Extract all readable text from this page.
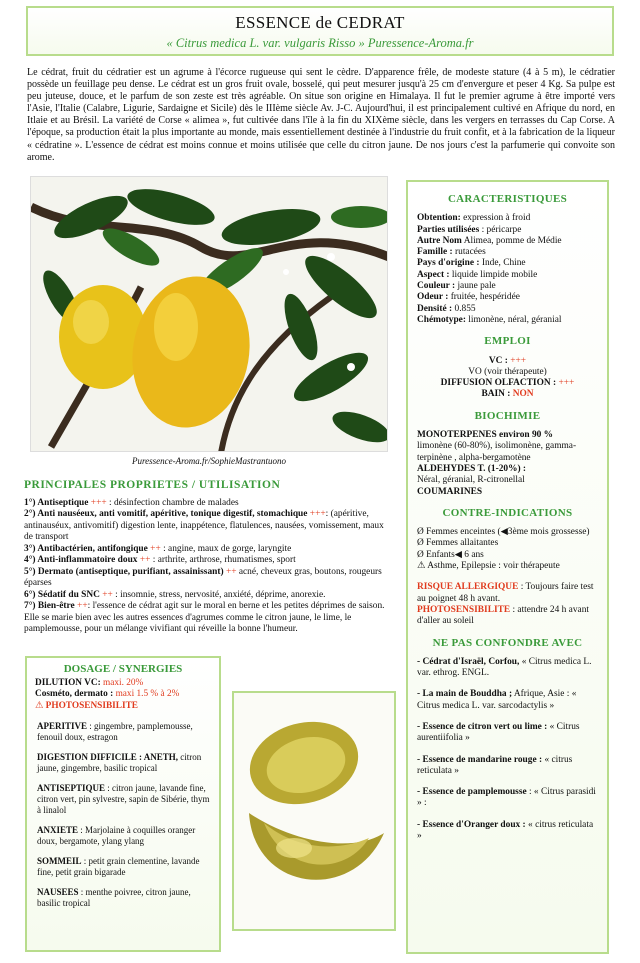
ESSENCE de CEDRAT
« Citrus medica L. var. vulgaris Risso » Puressence-Aroma.fr

Le cédrat, fruit du cédratier est un agrume à l'écorce rugueuse qui sent le cèdre. D'apparence frêle, de modeste stature (4 à 5 m), le cédratier possède un feuillage peu dense. Le cédrat est un gros fruit ovale, bosselé, qui peut mesurer jusqu'à 25 cm d'envergure et peser 4 Kg. Sa pulpe est peu juteuse, douce, et le parfum de son zeste est très agréable. On situe son origine en Himalaya. Il fut le premier agrume à être importé vers l'Asie, l'Italie (Calabre, Ligurie, Sardaigne et Sicile) dès le IIIème siècle Av. J-C. Aujourd'hui, il est principalement cultivé en Afrique du nord, en Itlaie et au Brésil. La variété de Corse « alimea », fut cultivée dans l'île à la fin du XIXème siècle, dans les vergers en terrasses du Cap Corse. A l'époque, sa production était la plus importante au monde, mais essentiellement destinée à l'industrie du fruit confit, et à la fabrication de la liqueur « cédratine ». L'essence de cédrat est moins connue et moins utilisée que celle du citron jaune. De nos jours c'est la parfumerie qui convoite son arome.

Puressence-Aroma.fr/SophieMastrantuono
PRINCIPALES PROPRIETES / UTILISATION
1°) Antiseptique +++ : désinfection chambre de malades
2°) Anti nauséeux, anti vomitif, apéritive, tonique digestif, stomachique +++: (apéritive, antinauséux, antivomitif) digestion lente, inappétence, flatulences, nausées, vomissement, maux de transport
3°) Antibactérien, antifongique ++ : angine, maux de gorge, laryngite
4°) Anti-inflammatoire doux ++ : arthrite, arthrose, rhumatismes, sport
5°) Dermato (antiseptique, purifiant, assainissant) ++ acné, cheveux gras, boutons, rougeurs éparses
6°) Sédatif du SNC ++ : insomnie, stress, nervosité, anxiété, déprime, anorexie.
7°) Bien-être ++: l'essence de cédrat agit sur le moral en berne et les petites déprimes de saison. Elle se marie bien avec les autres essences d'agrumes comme le citron jaune, le lime, le pamplemousse, pour un mélange vivifiant qui réveille la bonne l'humeur.
DOSAGE / SYNERGIES
DILUTION VC: maxi. 20%
Cosméto, dermato : maxi 1.5 % à 2%
⚠ PHOTOSENSIBILITE
APERITIVE : gingembre, pamplemousse, fenouil doux, estragon
DIGESTION DIFFICILE : ANETH, citron jaune, gingembre, basilic tropical
ANTISEPTIQUE : citron jaune, lavande fine, citron vert, pin sylvestre, sapin de Sibérie, thym à linalol
ANXIETE : Marjolaine à coquilles oranger doux, bergamote, ylang ylang
SOMMEIL : petit grain clementine, lavande fine, petit grain bigarade
NAUSEES : menthe poivree, citron jaune, basilic tropical
CARACTERISTIQUES
Obtention: expression à froid
Parties utilisées : péricarpe
Autre Nom Alimea, pomme de Médie
Famille : rutacées
Pays d'origine : Inde, Chine
Aspect : liquide limpide mobile
Couleur : jaune pale
Odeur : fruitée, hespéridée
Densité : 0.855
Chémotype: limonène, néral, géranial
EMPLOI
VC : +++
VO (voir thérapeute)
DIFFUSION OLFACTION : +++
BAIN : NON
BIOCHIMIE
MONOTERPENES environ 90 %
limonène (60-80%), isolimonène, gamma-terpinène , alpha-bergamotène
ALDEHYDES T. (1-20%) :
Néral, géranial, R-citronellal
COUMARINES
CONTRE-INDICATIONS
Ø Femmes enceintes (◀3ème mois grossesse) Ø Femmes allaitantes
Ø Enfants◀ 6 ans
⚠ Asthme, Epilepsie : voir thérapeute
RISQUE ALLERGIQUE : Toujours faire test au poignet 48 h avant.
PHOTOSENSIBILITE : attendre 24 h avant d'aller au soleil
NE PAS CONFONDRE AVEC
- Cédrat d'Israël, Corfou, « Citrus medica L. var. ethrog. ENGL.
- La main de Bouddha ; Afrique, Asie : « Citrus medica L. var. sarcodactylis »
- Essence de citron vert ou lime : « Citrus aurentiifolia »
- Essence de mandarine rouge : « citrus reticulata »
- Essence de pamplemousse : « Citrus parasidi » :
- Essence d'Oranger doux : « citrus reticulata »
